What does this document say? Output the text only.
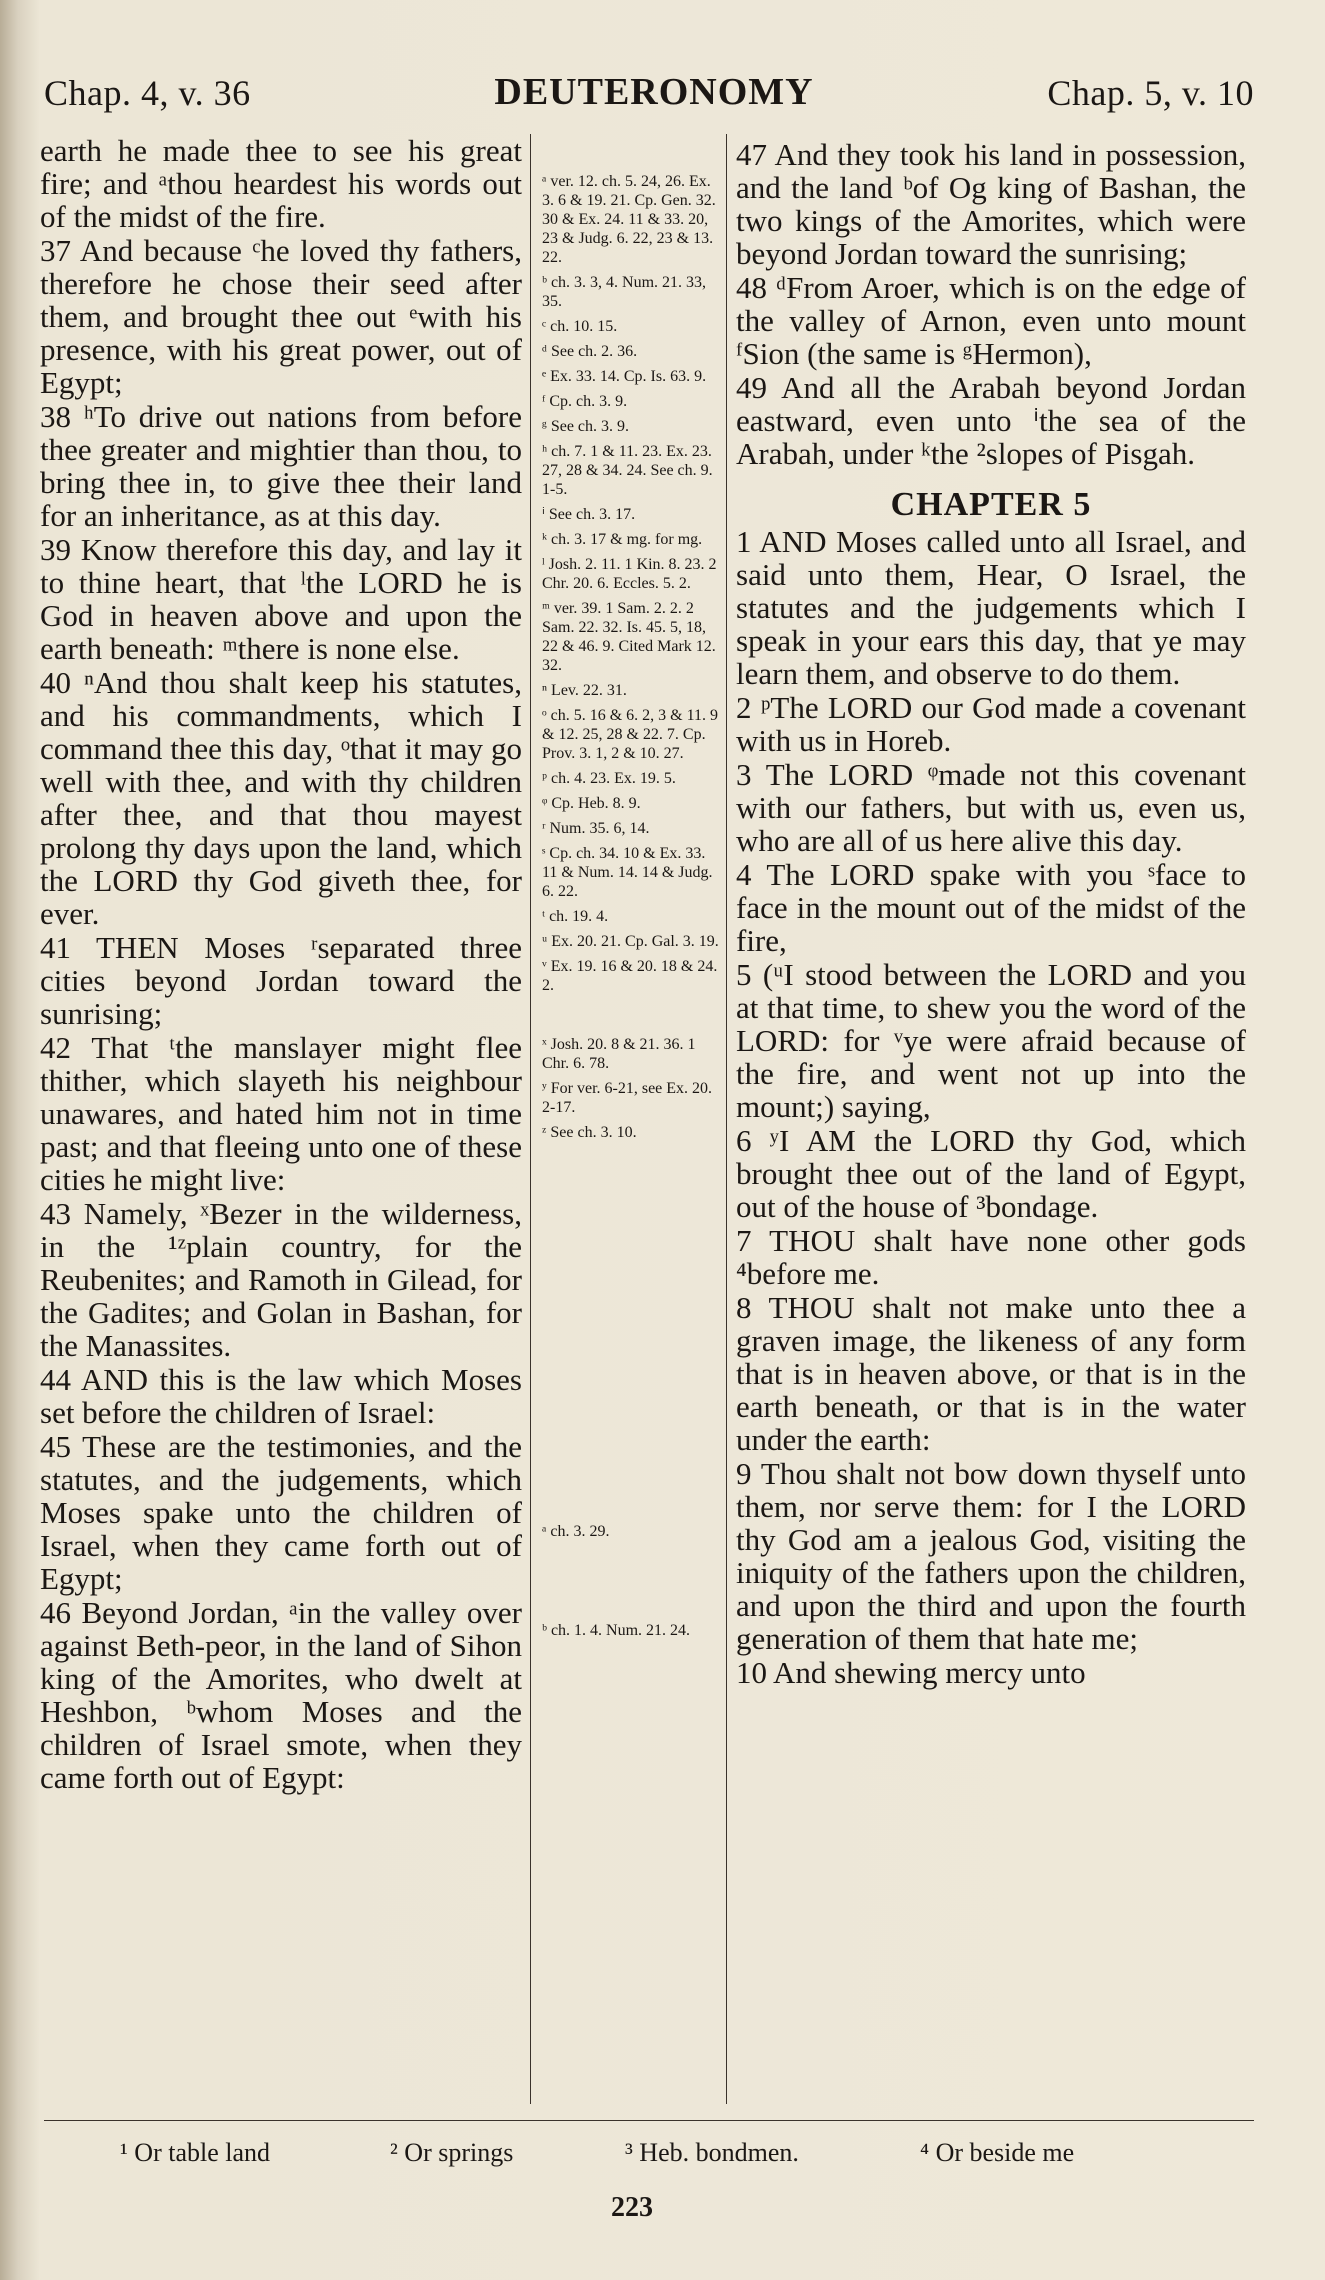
Chap. 4, v. 36	DEUTERONOMY	Chap. 5, v. 10

earth he made thee to see his great fire; and ᵃthou heardest his words out of the midst of the fire.

37 And because ᶜhe loved thy fathers, therefore he chose their seed after them, and brought thee out ᵉwith his presence, with his great power, out of Egypt;

38 ʰTo drive out nations from before thee greater and mightier than thou, to bring thee in, to give thee their land for an inheritance, as at this day.

39 Know therefore this day, and lay it to thine heart, that ˡthe LORD he is God in heaven above and upon the earth beneath: ᵐthere is none else.

40 ⁿAnd thou shalt keep his statutes, and his commandments, which I command thee this day, ᵒthat it may go well with thee, and with thy children after thee, and that thou mayest prolong thy days upon the land, which the LORD thy God giveth thee, for ever.

41 THEN Moses ʳseparated three cities beyond Jordan toward the sunrising;

42 That ᵗthe manslayer might flee thither, which slayeth his neighbour unawares, and hated him not in time past; and that fleeing unto one of these cities he might live:

43 Namely, ˣBezer in the wilderness, in the ¹ᶻplain country, for the Reubenites; and Ramoth in Gilead, for the Gadites; and Golan in Bashan, for the Manassites.

44 AND this is the law which Moses set before the children of Israel:

45 These are the testimonies, and the statutes, and the judgements, which Moses spake unto the children of Israel, when they came forth out of Egypt;

46 Beyond Jordan, ᵃin the valley over against Beth-peor, in the land of Sihon king of the Amorites, who dwelt at Heshbon, ᵇwhom Moses and the children of Israel smote, when they came forth out of Egypt:

ᵃ ver. 12. ch. 5. 24, 26. Ex. 3. 6 & 19. 21. Cp. Gen. 32. 30 & Ex. 24. 11 & 33. 20, 23 & Judg. 6. 22, 23 & 13. 22.

ᵇ ch. 3. 3, 4. Num. 21. 33, 35.

ᶜ ch. 10. 15.

ᵈ See ch. 2. 36.

ᵉ Ex. 33. 14. Cp. Is. 63. 9.

ᶠ Cp. ch. 3. 9.

ᵍ See ch. 3. 9.

ʰ ch. 7. 1 & 11. 23. Ex. 23. 27, 28 & 34. 24. See ch. 9. 1-5.

ⁱ See ch. 3. 17.

ᵏ ch. 3. 17 & mg. for mg.

ˡ Josh. 2. 11. 1 Kin. 8. 23. 2 Chr. 20. 6. Eccles. 5. 2.

ᵐ ver. 39. 1 Sam. 2. 2. 2 Sam. 22. 32. Is. 45. 5, 18, 22 & 46. 9. Cited Mark 12. 32.

ⁿ Lev. 22. 31.

ᵒ ch. 5. 16 & 6. 2, 3 & 11. 9 & 12. 25, 28 & 22. 7. Cp. Prov. 3. 1, 2 & 10. 27.

ᵖ ch. 4. 23. Ex. 19. 5.

ᵠ Cp. Heb. 8. 9.

ʳ Num. 35. 6, 14.

ˢ Cp. ch. 34. 10 & Ex. 33. 11 & Num. 14. 14 & Judg. 6. 22.

ᵗ ch. 19. 4.

ᵘ Ex. 20. 21. Cp. Gal. 3. 19.

ᵛ Ex. 19. 16 & 20. 18 & 24. 2.

ˣ Josh. 20. 8 & 21. 36. 1 Chr. 6. 78.

ʸ For ver. 6-21, see Ex. 20. 2-17.

ᶻ See ch. 3. 10.

ᵃ ch. 3. 29.

ᵇ ch. 1. 4. Num. 21. 24.

47 And they took his land in possession, and the land ᵇof Og king of Bashan, the two kings of the Amorites, which were beyond Jordan toward the sunrising;

48 ᵈFrom Aroer, which is on the edge of the valley of Arnon, even unto mount ᶠSion (the same is ᵍHermon),

49 And all the Arabah beyond Jordan eastward, even unto ⁱthe sea of the Arabah, under ᵏthe ²slopes of Pisgah.

CHAPTER 5

1 AND Moses called unto all Israel, and said unto them, Hear, O Israel, the statutes and the judgements which I speak in your ears this day, that ye may learn them, and observe to do them.

2 ᵖThe LORD our God made a covenant with us in Horeb.

3 The LORD ᵠmade not this covenant with our fathers, but with us, even us, who are all of us here alive this day.

4 The LORD spake with you ˢface to face in the mount out of the midst of the fire,

5 (ᵘI stood between the LORD and you at that time, to shew you the word of the LORD: for ᵛye were afraid because of the fire, and went not up into the mount;) saying,

6 ʸI AM the LORD thy God, which brought thee out of the land of Egypt, out of the house of ³bondage.

7 THOU shalt have none other gods ⁴before me.

8 THOU shalt not make unto thee a graven image, the likeness of any form that is in heaven above, or that is in the earth beneath, or that is in the water under the earth:

9 Thou shalt not bow down thyself unto them, nor serve them: for I the LORD thy God am a jealous God, visiting the iniquity of the fathers upon the children, and upon the third and upon the fourth generation of them that hate me;

10 And shewing mercy unto

¹ Or table land	² Or springs	³ Heb. bondmen.	⁴ Or beside me
223
